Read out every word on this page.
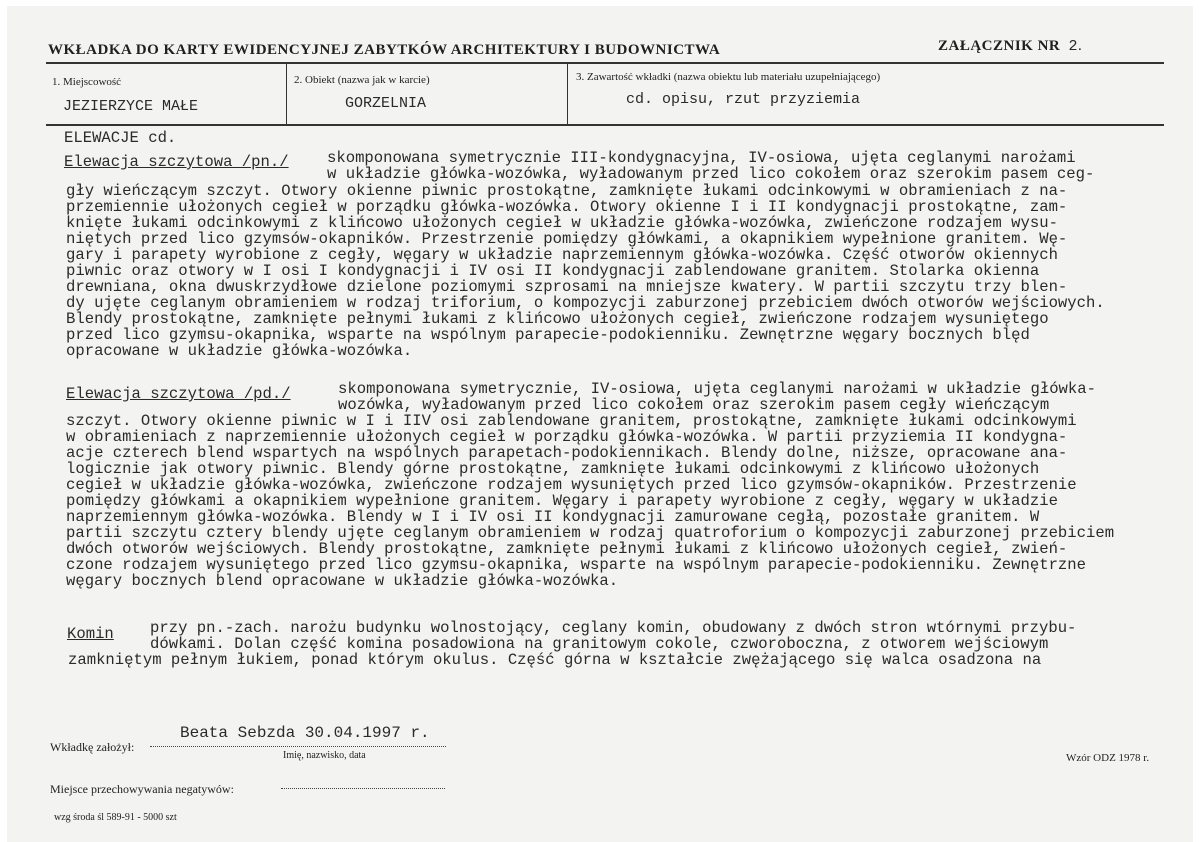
WKŁADKA DO KARTY EWIDENCYJNEJ ZABYTKÓW ARCHITEKTURY I BUDOWNICTWA	ZAŁĄCZNIK NR 2.
1. Miejscowość
JEZIERZYCE MAŁE
2. Obiekt (nazwa jak w karcie)
GORZELNIA
3. Zawartość wkładki (nazwa obiektu lub materiału uzupełniającego)
cd. opisu, rzut przyziemia
ELEWACJE cd.
Elewacja szczytowa /pn./ skomponowana symetrycznie III-kondygnacyjna, IV-osiowa, ujęta ceglanymi narożami
w układzie główka-wozówka, wyładowanym przed lico cokołem oraz szerokim pasem ceg-
gły wieńczącym szczyt. Otwory okienne piwnic prostokątne, zamknięte łukami odcinkowymi w obramieniach z na-
przemiennie ułożonych cegieł w porządku główka-wozówka. Otwory okienne I i II kondygnacji prostokątne, zam-
knięte łukami odcinkowymi z klińcowo ułożonych cegieł w układzie główka-wozówka, zwieńczone rodzajem wysu-
niętych przed lico gzymsów-okapników. Przestrzenie pomiędzy główkami, a okapnikiem wypełnione granitem. Wę-
gary i parapety wyrobione z cegły, węgary w układzie naprzemiennym główka-wozówka. Część otworów okiennych
piwnic oraz otwory w I osi I kondygnacji i IV osi II kondygnacji zablendowane granitem. Stolarka okienna
drewniana, okna dwuskrzydłowe dzielone poziomymi szprosami na mniejsze kwatery. W partii szczytu trzy blen-
dy ujęte ceglanym obramieniem w rodzaj triforium, o kompozycji zaburzonej przebiciem dwóch otworów wejściowych.
Blendy prostokątne, zamknięte pełnymi łukami z klińcowo ułożonych cegieł, zwieńczone rodzajem wysuniętego
przed lico gzymsu-okapnika, wsparte na wspólnym parapecie-podokienniku. Zewnętrzne węgary bocznych blęd
opracowane w układzie główka-wozówka.
Elewacja szczytowa /pd./	skomponowana symetrycznie, IV-osiowa, ujęta ceglanymi narożami w układzie główka-
wozówka, wyładowanym przed lico cokołem oraz szerokim pasem cegły wieńczącym
szczyt. Otwory okienne piwnic w I i IIV osi zablendowane granitem, prostokątne, zamknięte łukami odcinkowymi
w obramieniach z naprzemiennie ułożonych cegieł w porządku główka-wozówka. W partii przyziemia II kondygna-
acje czterech blend wspartych na wspólnych parapetach-podokiennikach. Blendy dolne, niższe, opracowane ana-
logicznie jak otwory piwnic. Blendy górne prostokątne, zamknięte łukami odcinkowymi z klińcowo ułożonych
cegieł w układzie główka-wozówka, zwieńczone rodzajem wysuniętych przed lico gzymsów-okapników. Przestrzenie
pomiędzy główkami a okapnikiem wypełnione granitem. Węgary i parapety wyrobione z cegły, węgary w układzie
naprzemiennym główka-wozówka. Blendy w I i IV osi II kondygnacji zamurowane cegłą, pozostałe granitem. W
partii szczytu cztery blendy ujęte ceglanym obramieniem w rodzaj quatroforium o kompozycji zaburzonej przebiciem
dwóch otworów wejściowych. Blendy prostokątne, zamknięte pełnymi łukami z klińcowo ułożonych cegieł, zwień-
czone rodzajem wysuniętego przed lico gzymsu-okapnika, wsparte na wspólnym parapecie-podokienniku. Zewnętrzne
węgary bocznych blend opracowane w układzie główka-wozówka.
Komin przy pn.-zach. narożu budynku wolnostojący, ceglany komin, obudowany z dwóch stron wtórnymi przybu-
dówkami. Dolan część komina posadowiona na granitowym cokole, czworoboczna, z otworem wejściowym
zamkniętym pełnym łukiem, ponad którym okulus. Część górna w kształcie zwężającego się walca osadzona na
Wkładkę założył:
Beata Sebzda 30.04.1997 r.
Imię, nazwisko, data	Wzór ODZ 1978 r.
Miejsce przechowywania negatywów:
wzg środa śl 589-91 - 5000 szt
